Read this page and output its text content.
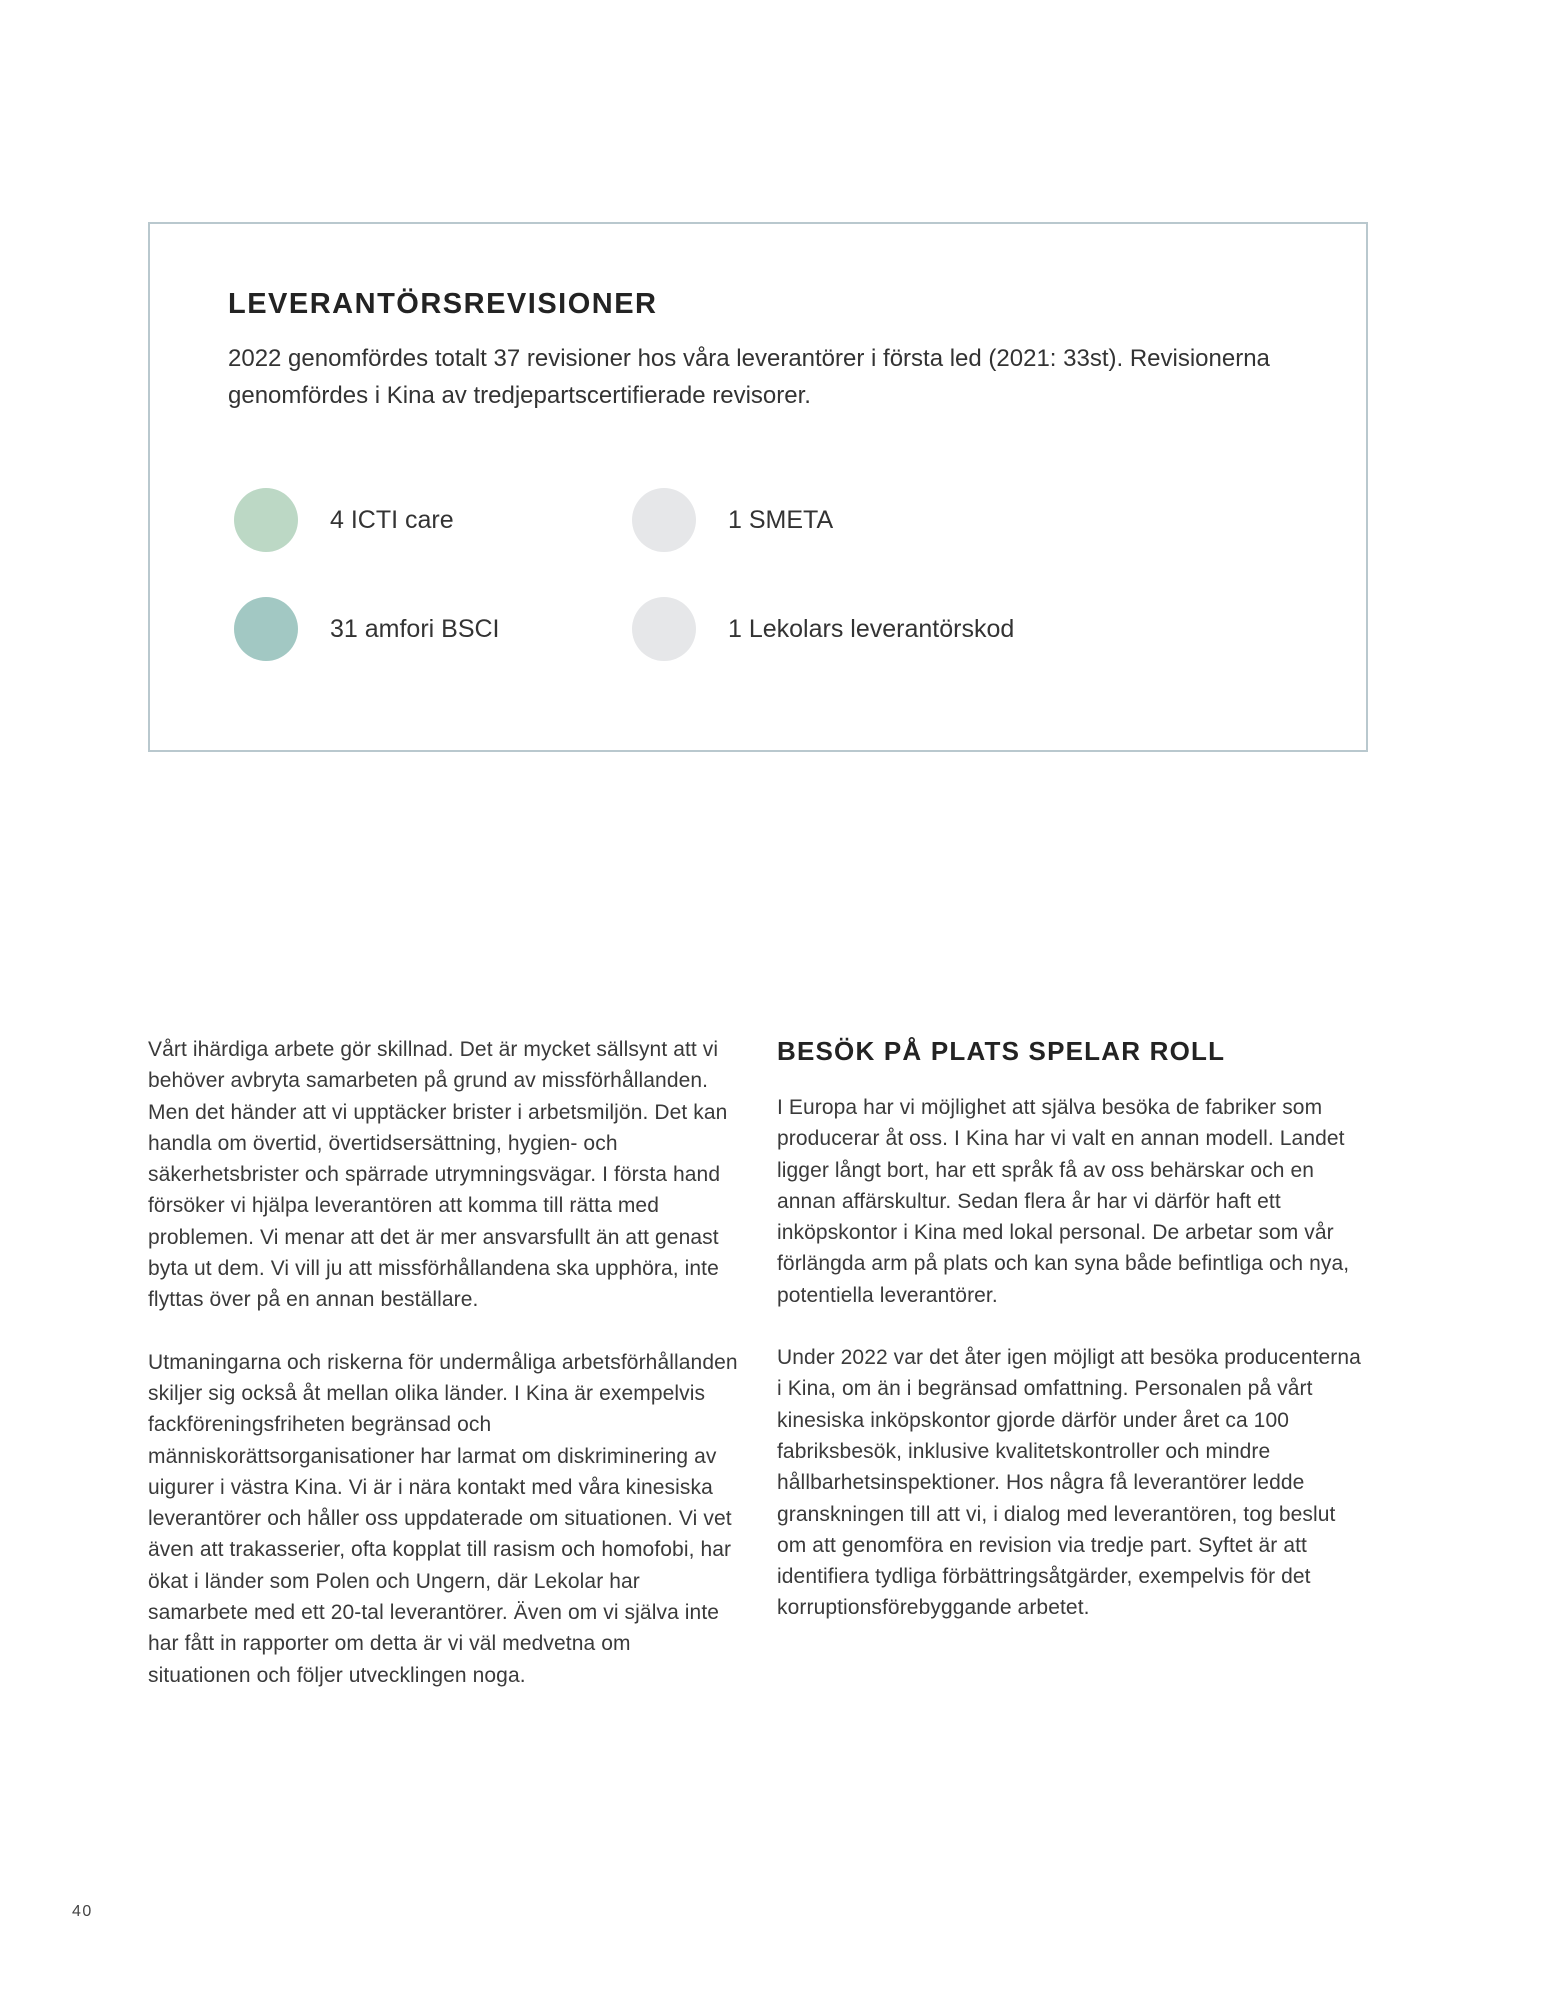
LEVERANTÖRSREVISIONER

2022 genomfördes totalt 37 revisioner hos våra leverantörer i första led (2021: 33st). Revisionerna genomfördes i Kina av tredjepartscertifierade revisorer.

4 ICTI care
31 amfori BSCI
1 SMETA
1 Lekolars leverantörskod

Vårt ihärdiga arbete gör skillnad. Det är mycket sällsynt att vi behöver avbryta samarbeten på grund av missförhållanden. Men det händer att vi upptäcker brister i arbetsmiljön. Det kan handla om övertid, övertidsersättning, hygien- och säkerhetsbrister och spärrade utrymningsvägar. I första hand försöker vi hjälpa leverantören att komma till rätta med problemen. Vi menar att det är mer ansvarsfullt än att genast byta ut dem. Vi vill ju att missförhållandena ska upphöra, inte flyttas över på en annan beställare.

Utmaningarna och riskerna för undermåliga arbetsförhållanden skiljer sig också åt mellan olika länder. I Kina är exempelvis fackföreningsfriheten begränsad och människorättsorganisationer har larmat om diskriminering av uigurer i västra Kina. Vi är i nära kontakt med våra kinesiska leverantörer och håller oss uppdaterade om situationen. Vi vet även att trakasserier, ofta kopplat till rasism och homofobi, har ökat i länder som Polen och Ungern, där Lekolar har samarbete med ett 20-tal leverantörer. Även om vi själva inte har fått in rapporter om detta är vi väl medvetna om situationen och följer utvecklingen noga.

BESÖK PÅ PLATS SPELAR ROLL

I Europa har vi möjlighet att själva besöka de fabriker som producerar åt oss. I Kina har vi valt en annan modell. Landet ligger långt bort, har ett språk få av oss behärskar och en annan affärskultur. Sedan flera år har vi därför haft ett inköpskontor i Kina med lokal personal. De arbetar som vår förlängda arm på plats och kan syna både befintliga och nya, potentiella leverantörer.

Under 2022 var det åter igen möjligt att besöka producenterna i Kina, om än i begränsad omfattning. Personalen på vårt kinesiska inköpskontor gjorde därför under året ca 100 fabriksbesök, inklusive kvalitetskontroller och mindre hållbarhetsinspektioner. Hos några få leverantörer ledde granskningen till att vi, i dialog med leverantören, tog beslut om att genomföra en revision via tredje part. Syftet är att identifiera tydliga förbättringsåtgärder, exempelvis för det korruptionsförebyggande arbetet.

40
